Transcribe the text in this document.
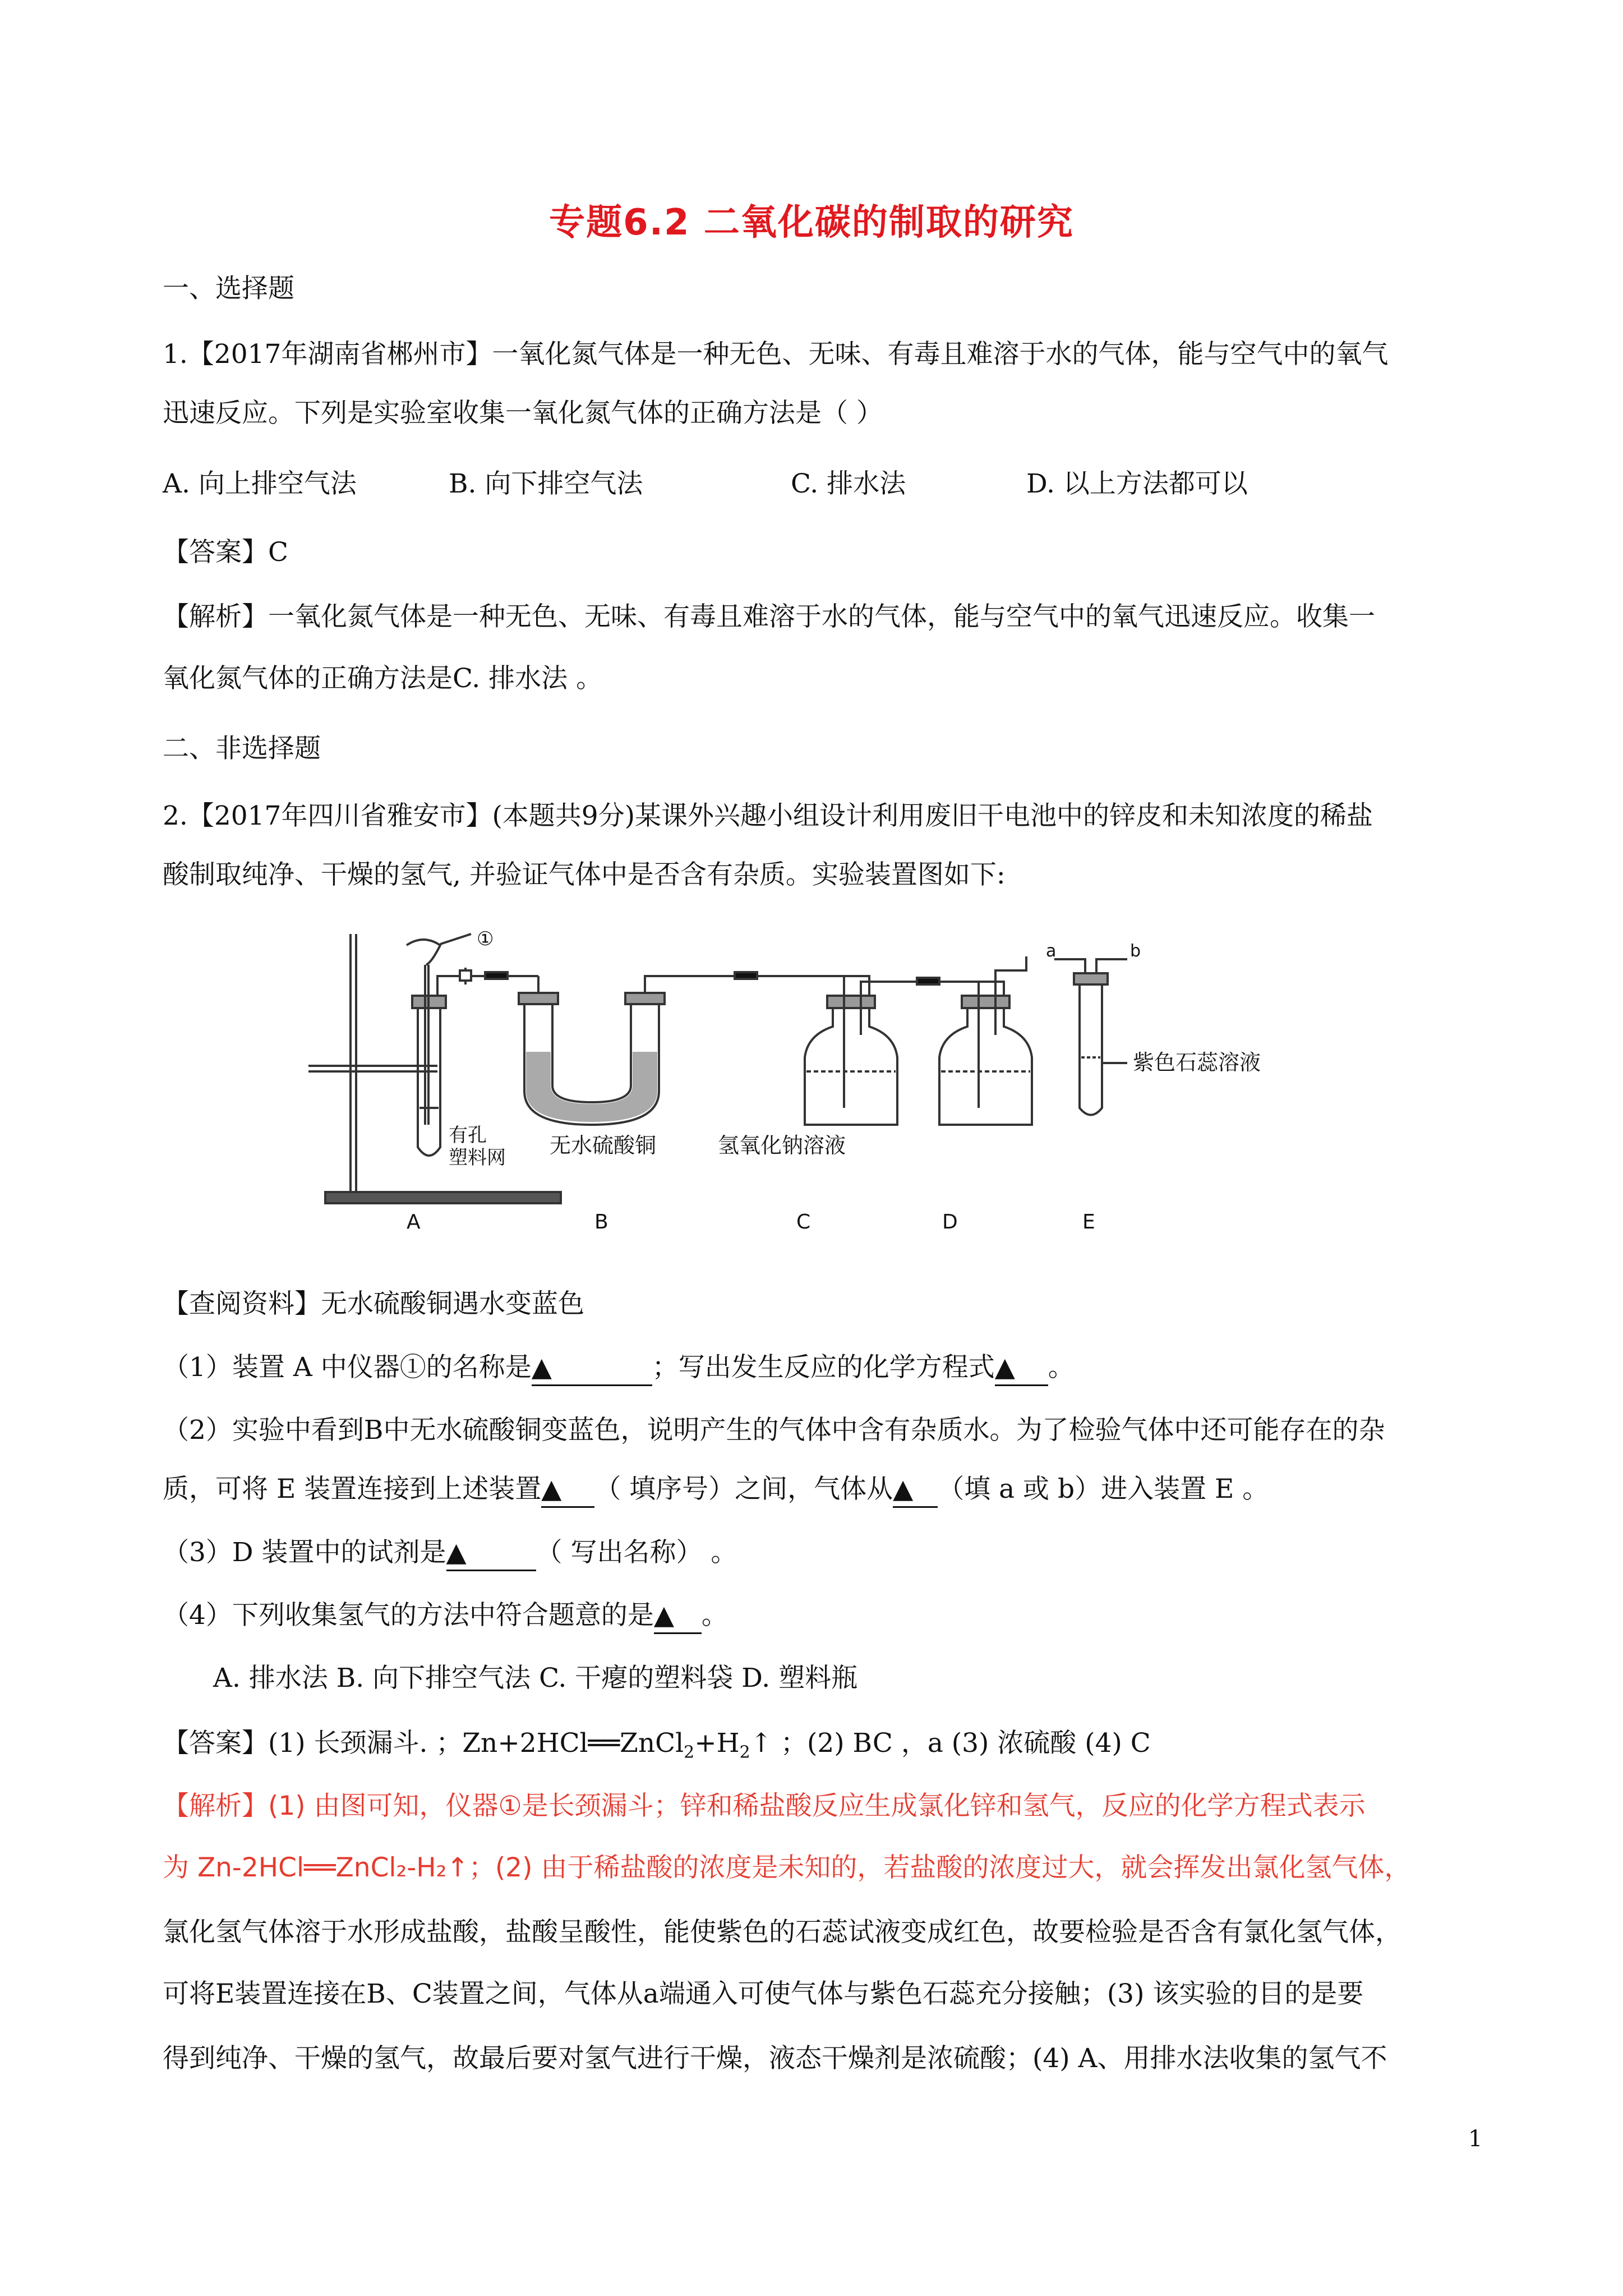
专题6.2 二氧化碳的制取的研究
一、选择题
1.【2017年湖南省郴州市】一氧化氮气体是一种无色、无味、有毒且难溶于水的气体，能与空气中的氧气
迅速反应。下列是实验室收集一氧化氮气体的正确方法是（ ）
A. 向上排空气法	B. 向下排空气法	C. 排水法	D. 以上方法都可以
【答案】C
【解析】一氧化氮气体是一种无色、无味、有毒且难溶于水的气体，能与空气中的氧气迅速反应。收集一
氧化氮气体的正确方法是C. 排水法 。
二、非选择题
2.【2017年四川省雅安市】(本题共9分)某课外兴趣小组设计利用废旧干电池中的锌皮和未知浓度的稀盐
酸制取纯净、干燥的氢气, 并验证气体中是否含有杂质。实验装置图如下:
①
有孔
塑料网 无水硫酸铜	氢氧化钠溶液
紫色石蕊溶液
a	b
A	B	C	D	E
【查阅资料】无水硫酸铜遇水变蓝色
（1）装置 A 中仪器①的名称是▲	；写出发生反应的化学方程式▲ 。
（2）实验中看到B中无水硫酸铜变蓝色，说明产生的气体中含有杂质水。为了检验气体中还可能存在的杂
质，可将 E 装置连接到上述装置▲ （ 填序号）之间，气体从▲ （填 a 或 b）进入装置 E 。
（3）D 装置中的试剂是▲	（ 写出名称） 。
（4）下列收集氢气的方法中符合题意的是▲ 。
A. 排水法 B. 向下排空气法 C. 干瘪的塑料袋 D. 塑料瓶
【答案】(1) 长颈漏斗. ；$Zn+2HCl══ZnCl_2+H_2↑$ ；(2) BC ，a (3) 浓硫酸 (4) C
【解析】(1) 由图可知，仪器①是长颈漏斗；锌和稀盐酸反应生成氯化锌和氢气，反应的化学方程式表示
为 Zn-2HCl══ZnCl₂-H₂↑；(2) 由于稀盐酸的浓度是未知的，若盐酸的浓度过大，就会挥发出氯化氢气体，
氯化氢气体溶于水形成盐酸，盐酸呈酸性，能使紫色的石蕊试液变成红色，故要检验是否含有氯化氢气体，
可将E装置连接在B、C装置之间，气体从a端通入可使气体与紫色石蕊充分接触；(3) 该实验的目的是要
得到纯净、干燥的氢气，故最后要对氢气进行干燥，液态干燥剂是浓硫酸；(4) A、用排水法收集的氢气不
1
